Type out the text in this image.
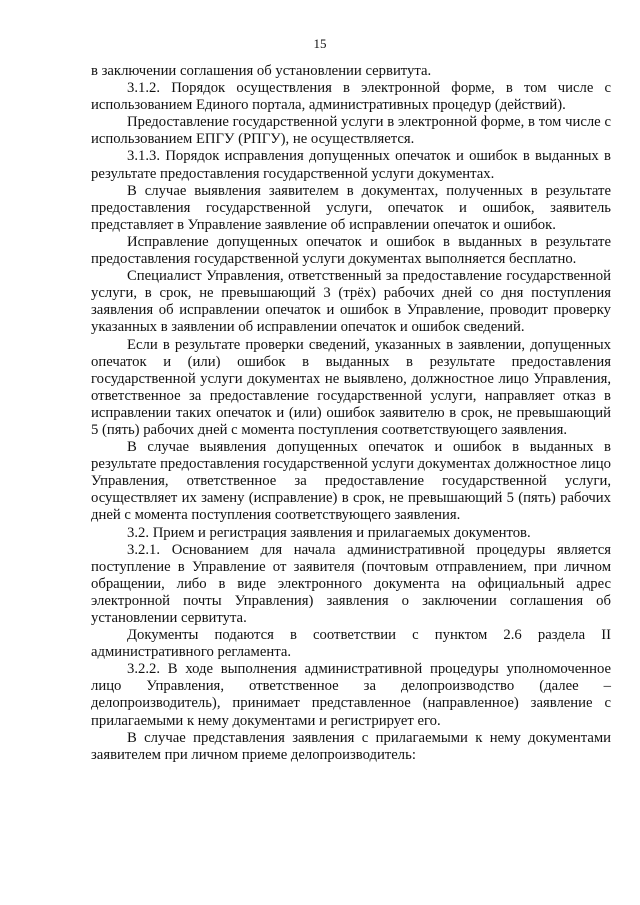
15

в заключении соглашения об установлении сервитута.

3.1.2. Порядок осуществления в электронной форме, в том числе с использованием Единого портала, административных процедур (действий).

Предоставление государственной услуги в электронной форме, в том числе с использованием ЕПГУ (РПГУ), не осуществляется.

3.1.3. Порядок исправления допущенных опечаток и ошибок в выданных в результате предоставления государственной услуги документах.

В случае выявления заявителем в документах, полученных в результате предоставления государственной услуги, опечаток и ошибок, заявитель представляет в Управление заявление об исправлении опечаток и ошибок.

Исправление допущенных опечаток и ошибок в выданных в результате предоставления государственной услуги документах выполняется бесплатно.

Специалист Управления, ответственный за предоставление государственной услуги, в срок, не превышающий 3 (трёх) рабочих дней со дня поступления заявления об исправлении опечаток и ошибок в Управление, проводит проверку указанных в заявлении об исправлении опечаток и ошибок сведений.

Если в результате проверки сведений, указанных в заявлении, допущенных опечаток и (или) ошибок в выданных в результате предоставления государственной услуги документах не выявлено, должностное лицо Управления, ответственное за предоставление государственной услуги, направляет отказ в исправлении таких опечаток и (или) ошибок заявителю в срок, не превышающий 5 (пять) рабочих дней с момента поступления соответствующего заявления.

В случае выявления допущенных опечаток и ошибок в выданных в результате предоставления государственной услуги документах должностное лицо Управления, ответственное за предоставление государственной услуги, осуществляет их замену (исправление) в срок, не превышающий 5 (пять) рабочих дней с момента поступления соответствующего заявления.

3.2. Прием и регистрация заявления и прилагаемых документов.

3.2.1. Основанием для начала административной процедуры является поступление в Управление от заявителя (почтовым отправлением, при личном обращении, либо в виде электронного документа на официальный адрес электронной почты Управления) заявления о заключении соглашения об установлении сервитута.

Документы подаются в соответствии с пунктом 2.6 раздела II административного регламента.

3.2.2. В ходе выполнения административной процедуры уполномоченное лицо Управления, ответственное за делопроизводство (далее – делопроизводитель), принимает представленное (направленное) заявление с прилагаемыми к нему документами и регистрирует его.

В случае представления заявления с прилагаемыми к нему документами заявителем при личном приеме делопроизводитель:
